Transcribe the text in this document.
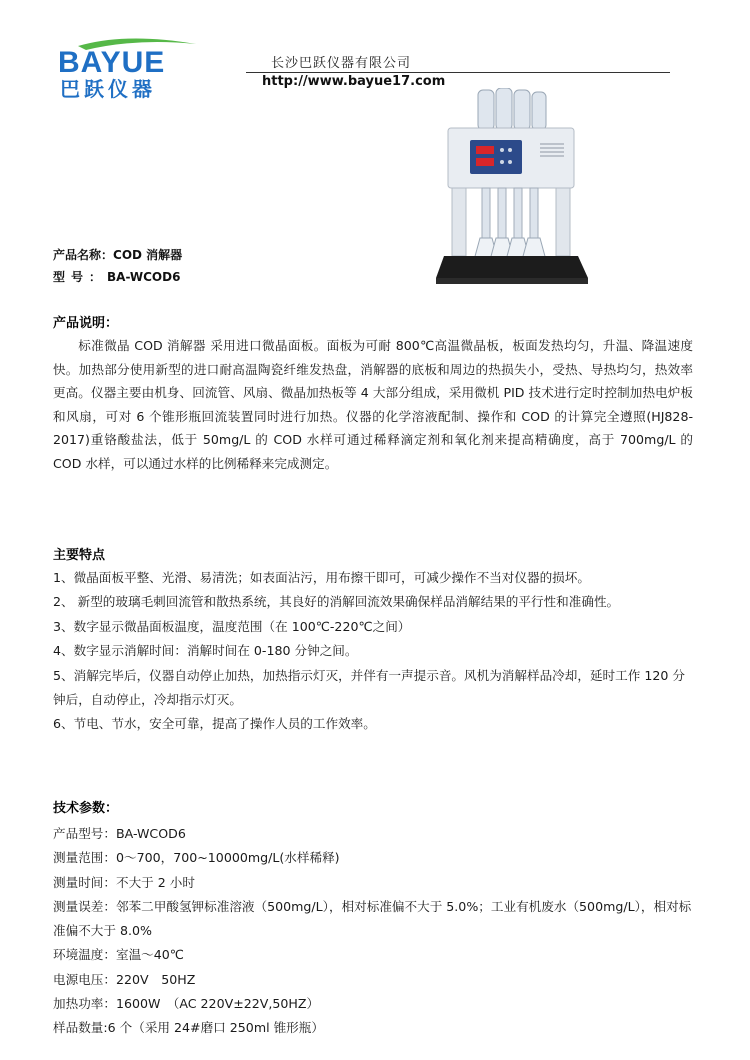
BAYUE
巴跃仪器
长沙巴跃仪器有限公司
http://www.bayue17.com
产品名称：COD 消解器
型号：BA-WCOD6
产品说明：

标准微晶 COD 消解器 采用进口微晶面板。面板为可耐 800℃高温微晶板，板面发热均匀，升温、降温速度快。加热部分使用新型的进口耐高温陶瓷纤维发热盘，消解器的底板和周边的热损失小，受热、导热均匀，热效率更高。仪器主要由机身、回流管、风扇、微晶加热板等 4 大部分组成，采用微机 PID 技术进行定时控制加热电炉板和风扇，可对 6 个锥形瓶回流装置同时进行加热。仪器的化学溶液配制、操作和 COD 的计算完全遵照(HJ828-2017)重铬酸盐法，低于 50mg/L 的 COD 水样可通过稀释滴定剂和氧化剂来提高精确度，高于 700mg/L 的 COD 水样，可以通过水样的比例稀释来完成测定。

主要特点
1、微晶面板平整、光滑、易清洗；如表面沾污，用布擦干即可，可减少操作不当对仪器的损坏。
2、 新型的玻璃毛刺回流管和散热系统，其良好的消解回流效果确保样品消解结果的平行性和准确性。
3、数字显示微晶面板温度，温度范围（在 100℃-220℃之间）
4、数字显示消解时间：消解时间在 0-180 分钟之间。
5、消解完毕后，仪器自动停止加热，加热指示灯灭，并伴有一声提示音。风机为消解样品冷却，延时工作 120 分钟后，自动停止，冷却指示灯灭。
6、节电、节水，安全可靠，提高了操作人员的工作效率。
技术参数：
产品型号：BA-WCOD6
测量范围：0～700，700~10000mg/L(水样稀释)
测量时间：不大于 2 小时
测量误差：邻苯二甲酸氢钾标准溶液（500mg/L），相对标准偏不大于 5.0%；工业有机废水（500mg/L），相对标准偏不大于 8.0%
环境温度：室温～40℃
电源电压：220V　50HZ
加热功率：1600W　（AC 220V±22V,50HZ）
样品数量:6 个（采用 24#磨口 250ml 锥形瓶）
